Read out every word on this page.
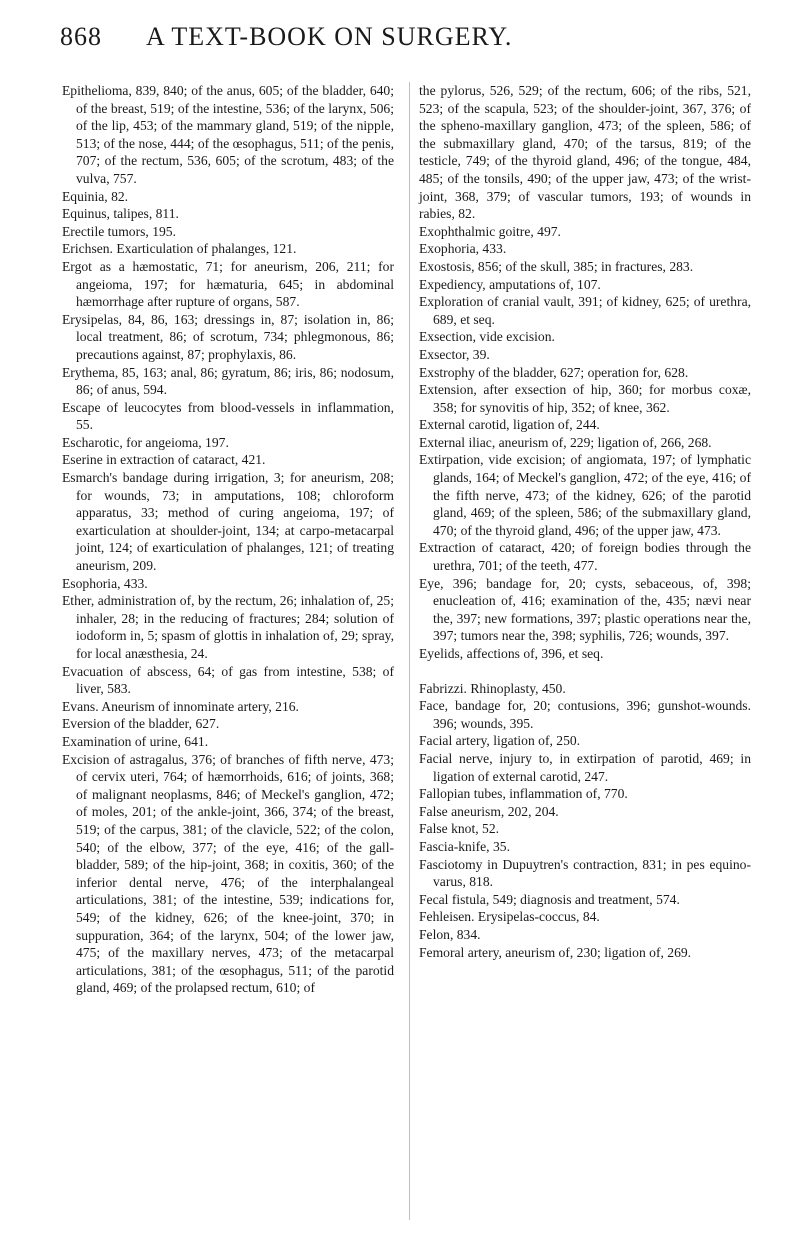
868 A TEXT-BOOK ON SURGERY.

Epithelioma, 839, 840; of the anus, 605; of the bladder, 640; of the breast, 519; of the intestine, 536; of the larynx, 506; of the lip, 453; of the mammary gland, 519; of the nipple, 513; of the nose, 444; of the œsophagus, 511; of the penis, 707; of the rectum, 536, 605; of the scrotum, 483; of the vulva, 757.

Equinia, 82.

Equinus, talipes, 811.

Erectile tumors, 195.

Erichsen. Exarticulation of phalanges, 121.

Ergot as a hæmostatic, 71; for aneurism, 206, 211; for angeioma, 197; for hæmaturia, 645; in abdominal hæmorrhage after rupture of organs, 587.

Erysipelas, 84, 86, 163; dressings in, 87; isolation in, 86; local treatment, 86; of scrotum, 734; phlegmonous, 86; precautions against, 87; prophylaxis, 86.

Erythema, 85, 163; anal, 86; gyratum, 86; iris, 86; nodosum, 86; of anus, 594.

Escape of leucocytes from blood-vessels in inflammation, 55.

Escharotic, for angeioma, 197.

Eserine in extraction of cataract, 421.

Esmarch's bandage during irrigation, 3; for aneurism, 208; for wounds, 73; in amputations, 108; chloroform apparatus, 33; method of curing angeioma, 197; of exarticulation at shoulder-joint, 134; at carpo-metacarpal joint, 124; of exarticulation of phalanges, 121; of treating aneurism, 209.

Esophoria, 433.

Ether, administration of, by the rectum, 26; inhalation of, 25; inhaler, 28; in the reducing of fractures; 284; solution of iodoform in, 5; spasm of glottis in inhalation of, 29; spray, for local anæsthesia, 24.

Evacuation of abscess, 64; of gas from intestine, 538; of liver, 583.

Evans. Aneurism of innominate artery, 216.

Eversion of the bladder, 627.

Examination of urine, 641.

Excision of astragalus, 376; of branches of fifth nerve, 473; of cervix uteri, 764; of hæmorrhoids, 616; of joints, 368; of malignant neoplasms, 846; of Meckel's ganglion, 472; of moles, 201; of the ankle-joint, 366, 374; of the breast, 519; of the carpus, 381; of the clavicle, 522; of the colon, 540; of the elbow, 377; of the eye, 416; of the gall-bladder, 589; of the hip-joint, 368; in coxitis, 360; of the inferior dental nerve, 476; of the interphalangeal articulations, 381; of the intestine, 539; indications for, 549; of the kidney, 626; of the knee-joint, 370; in suppuration, 364; of the larynx, 504; of the lower jaw, 475; of the maxillary nerves, 473; of the metacarpal articulations, 381; of the œsophagus, 511; of the parotid gland, 469; of the prolapsed rectum, 610; of

the pylorus, 526, 529; of the rectum, 606; of the ribs, 521, 523; of the scapula, 523; of the shoulder-joint, 367, 376; of the spheno-maxillary ganglion, 473; of the spleen, 586; of the submaxillary gland, 470; of the tarsus, 819; of the testicle, 749; of the thyroid gland, 496; of the tongue, 484, 485; of the tonsils, 490; of the upper jaw, 473; of the wrist-joint, 368, 379; of vascular tumors, 193; of wounds in rabies, 82.

Exophthalmic goitre, 497.

Exophoria, 433.

Exostosis, 856; of the skull, 385; in fractures, 283.

Expediency, amputations of, 107.

Exploration of cranial vault, 391; of kidney, 625; of urethra, 689, et seq.

Exsection, vide excision.

Exsector, 39.

Exstrophy of the bladder, 627; operation for, 628.

Extension, after exsection of hip, 360; for morbus coxæ, 358; for synovitis of hip, 352; of knee, 362.

External carotid, ligation of, 244.

External iliac, aneurism of, 229; ligation of, 266, 268.

Extirpation, vide excision; of angiomata, 197; of lymphatic glands, 164; of Meckel's ganglion, 472; of the eye, 416; of the fifth nerve, 473; of the kidney, 626; of the parotid gland, 469; of the spleen, 586; of the submaxillary gland, 470; of the thyroid gland, 496; of the upper jaw, 473.

Extraction of cataract, 420; of foreign bodies through the urethra, 701; of the teeth, 477.

Eye, 396; bandage for, 20; cysts, sebaceous, of, 398; enucleation of, 416; examination of the, 435; nævi near the, 397; new formations, 397; plastic operations near the, 397; tumors near the, 398; syphilis, 726; wounds, 397.

Eyelids, affections of, 396, et seq.

Fabrizzi. Rhinoplasty, 450.

Face, bandage for, 20; contusions, 396; gunshot-wounds. 396; wounds, 395.

Facial artery, ligation of, 250.

Facial nerve, injury to, in extirpation of parotid, 469; in ligation of external carotid, 247.

Fallopian tubes, inflammation of, 770.

False aneurism, 202, 204.

False knot, 52.

Fascia-knife, 35.

Fasciotomy in Dupuytren's contraction, 831; in pes equino-varus, 818.

Fecal fistula, 549; diagnosis and treatment, 574.

Fehleisen. Erysipelas-coccus, 84.

Felon, 834.

Femoral artery, aneurism of, 230; ligation of, 269.
